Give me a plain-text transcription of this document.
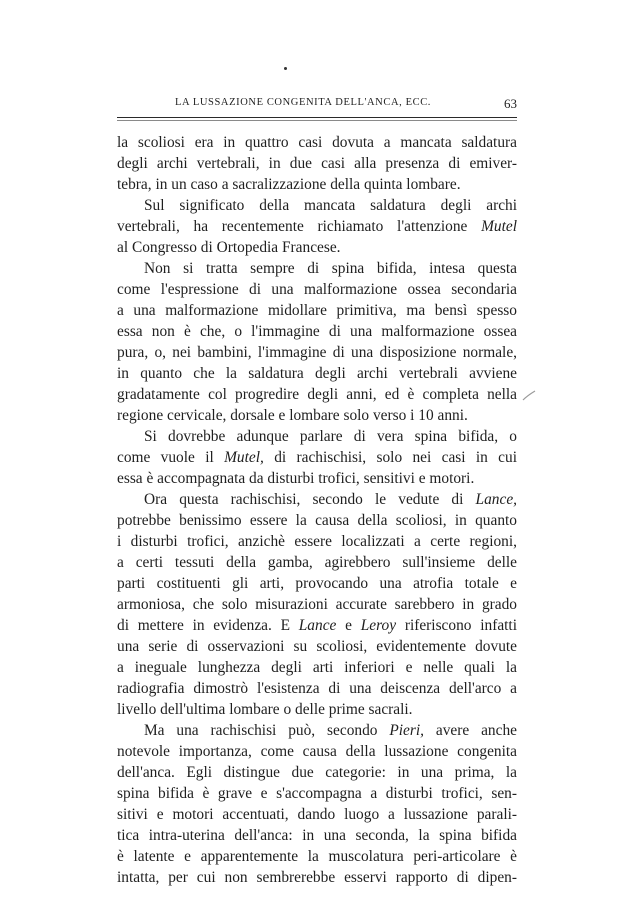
LA LUSSAZIONE CONGENITA DELL'ANCA, ECC.	63
la scoliosi era in quattro casi dovuta a mancata saldatura
degli archi vertebrali, in due casi alla presenza di emiver-
tebra, in un caso a sacralizzazione della quinta lombare.
Sul significato della mancata saldatura degli archi
vertebrali, ha recentemente richiamato l'attenzione Mutel
al Congresso di Ortopedia Francese.
Non si tratta sempre di spina bifida, intesa questa
come l'espressione di una malformazione ossea secondaria
a una malformazione midollare primitiva, ma bensì spesso
essa non è che, o l'immagine di una malformazione ossea
pura, o, nei bambini, l'immagine di una disposizione normale,
in quanto che la saldatura degli archi vertebrali avviene
gradatamente col progredire degli anni, ed è completa nella
regione cervicale, dorsale e lombare solo verso i 10 anni.
Si dovrebbe adunque parlare di vera spina bifida, o
come vuole il Mutel, di rachischisi, solo nei casi in cui
essa è accompagnata da disturbi trofici, sensitivi e motori.
Ora questa rachischisi, secondo le vedute di Lance,
potrebbe benissimo essere la causa della scoliosi, in quanto
i disturbi trofici, anzichè essere localizzati a certe regioni,
a certi tessuti della gamba, agirebbero sull'insieme delle
parti costituenti gli arti, provocando una atrofia totale e
armoniosa, che solo misurazioni accurate sarebbero in grado
di mettere in evidenza. E Lance e Leroy riferiscono infatti
una serie di osservazioni su scoliosi, evidentemente dovute
a ineguale lunghezza degli arti inferiori e nelle quali la
radiografia dimostrò l'esistenza di una deiscenza dell'arco a
livello dell'ultima lombare o delle prime sacrali.
Ma una rachischisi può, secondo Pieri, avere anche
notevole importanza, come causa della lussazione congenita
dell'anca. Egli distingue due categorie: in una prima, la
spina bifida è grave e s'accompagna a disturbi trofici, sen-
sitivi e motori accentuati, dando luogo a lussazione parali-
tica intra-uterina dell'anca: in una seconda, la spina bifida
è latente e apparentemente la muscolatura peri-articolare è
intatta, per cui non sembrerebbe esservi rapporto di dipen-
